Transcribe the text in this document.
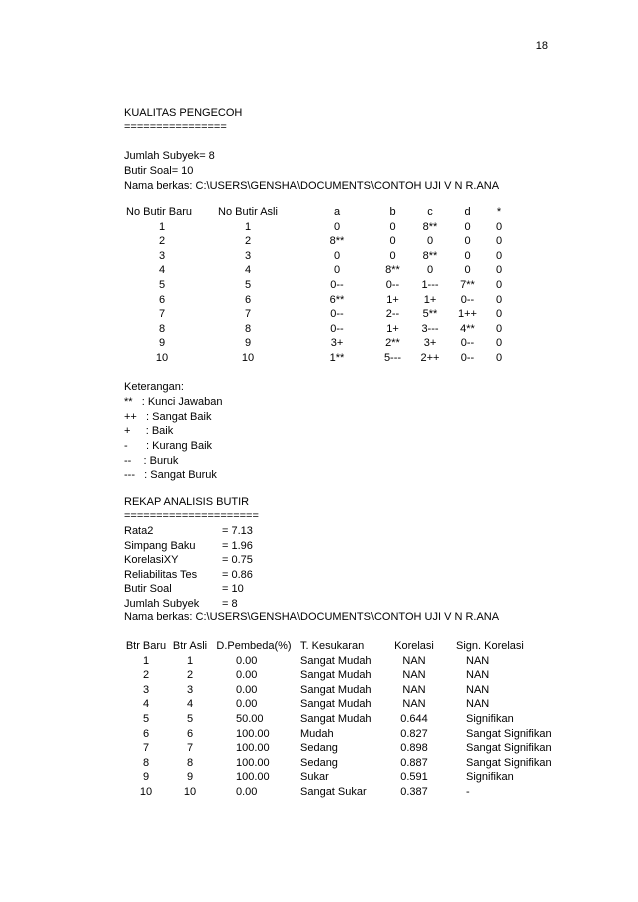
18
KUALITAS PENGECOH
================
Jumlah Subyek= 8
Butir Soal= 10
Nama berkas: C:\USERS\GENSHA\DOCUMENTS\CONTOH UJI V N R.ANA
No Butir Baru	No Butir Asli	a	b	c	d	*
1	1	0	0	8**	0	0
2	2	8**	0	0	0	0
3	3	0	0	8**	0	0
4	4	0	8**	0	0	0
5	5	0--	0--	1---	7**	0
6	6	6**	1+	1+	0--	0
7	7	0--	2--	5**	1++	0
8	8	0--	1+	3---	4**	0
9	9	3+	2**	3+	0--	0
10	10	1**	5---	2++	0--	0
Keterangan:
**   : Kunci Jawaban
++   : Sangat Baik
+     : Baik
-      : Kurang Baik
--    : Buruk
---   : Sangat Buruk
REKAP ANALISIS BUTIR
=====================
Rata2	= 7.13
Simpang Baku = 1.96
KorelasiXY	= 0.75
Reliabilitas Tes = 0.86
Butir Soal	= 10
Jumlah Subyek = 8
Nama berkas: C:\USERS\GENSHA\DOCUMENTS\CONTOH UJI V N R.ANA
Btr Baru	Btr Asli	D.Pembeda(%)	T. Kesukaran	Korelasi	Sign. Korelasi
1	1	0.00	Sangat Mudah	NAN	NAN
2	2	0.00	Sangat Mudah	NAN	NAN
3	3	0.00	Sangat Mudah	NAN	NAN
4	4	0.00	Sangat Mudah	NAN	NAN
5	5	50.00	Sangat Mudah	0.644	Signifikan
6	6	100.00	Mudah	0.827	Sangat Signifikan
7	7	100.00	Sedang	0.898	Sangat Signifikan
8	8	100.00	Sedang	0.887	Sangat Signifikan
9	9	100.00	Sukar	0.591	Signifikan
10	10	0.00	Sangat Sukar	0.387	-
